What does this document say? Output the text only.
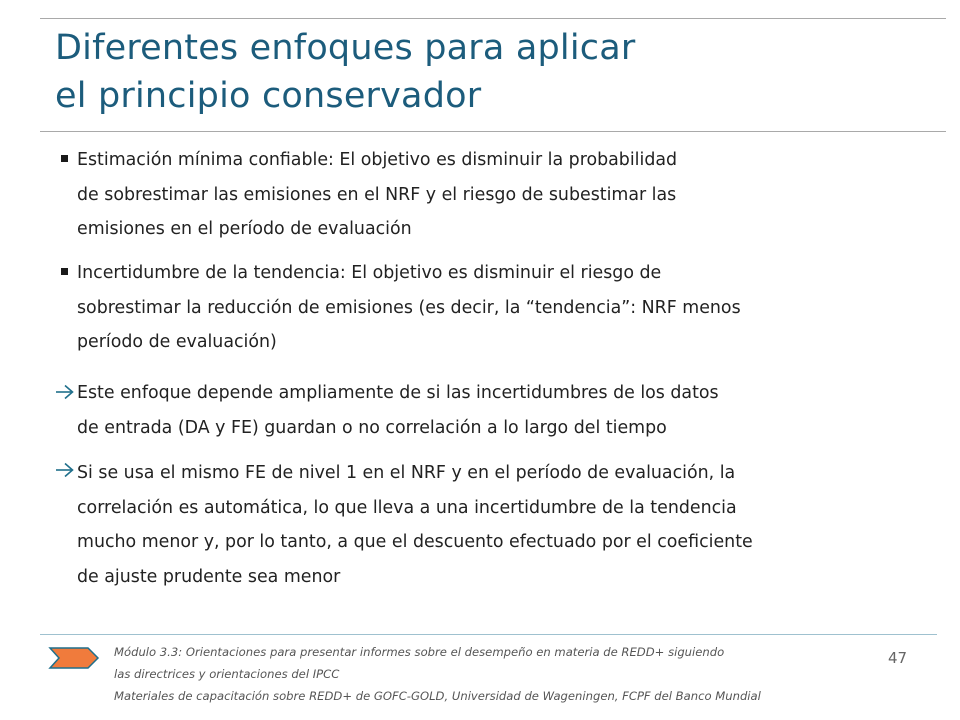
Diferentes enfoques para aplicar
el principio conservador
Estimación mínima confiable: El objetivo es disminuir la probabilidad
de sobrestimar las emisiones en el NRF y el riesgo de subestimar las
emisiones en el período de evaluación
Incertidumbre de la tendencia: El objetivo es disminuir el riesgo de
sobrestimar la reducción de emisiones (es decir, la “tendencia”: NRF menos
período de evaluación)
Este enfoque depende ampliamente de si las incertidumbres de los datos
de entrada (DA y FE) guardan o no correlación a lo largo del tiempo
Si se usa el mismo FE de nivel 1 en el NRF y en el período de evaluación, la
correlación es automática, lo que lleva a una incertidumbre de la tendencia
mucho menor y, por lo tanto, a que el descuento efectuado por el coeficiente
de ajuste prudente sea menor
Módulo 3.3: Orientaciones para presentar informes sobre el desempeño en materia de REDD+ siguiendo
las directrices y orientaciones del IPCC
Materiales de capacitación sobre REDD+ de GOFC-GOLD, Universidad de Wageningen, FCPF del Banco Mundial
47
